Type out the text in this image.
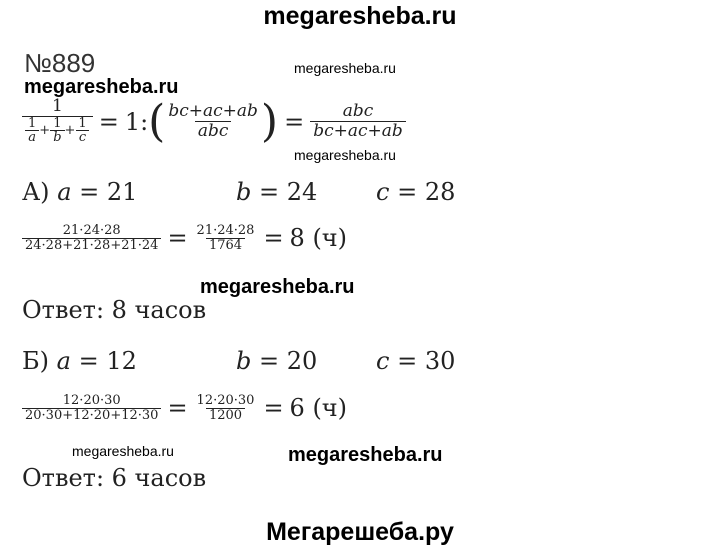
megaresheba.ru
Мегарешеба.ру
megaresheba.ru
megaresheba.ru
megaresheba.ru
megaresheba.ru
megaresheba.ru	megaresheba.ru
№889
1
$\frac{1}{a} + \frac{1}{b} + \frac{1}{c} = 1$: ( $\frac{bc+ac+ab}{\text{abc}}$ ) = $\frac{\text{abc}}{bc+ac+ab}$
А) a = 21	b = 24 c = 28
$\frac{21\cdot 24\cdot 28}{24\cdot 28+21\cdot 28+21\cdot 24} = \frac{21\cdot 24\cdot 28}{1764} = 8$ (ч)
Ответ: 8 часов
Б) a = 12	b = 20 c = 30
$\frac{12\cdot 20\cdot 30}{20\cdot 30+12\cdot 20+12\cdot 30} = \frac{12\cdot 20\cdot 30}{1200} = 6$ (ч)
Ответ: 6 часов
